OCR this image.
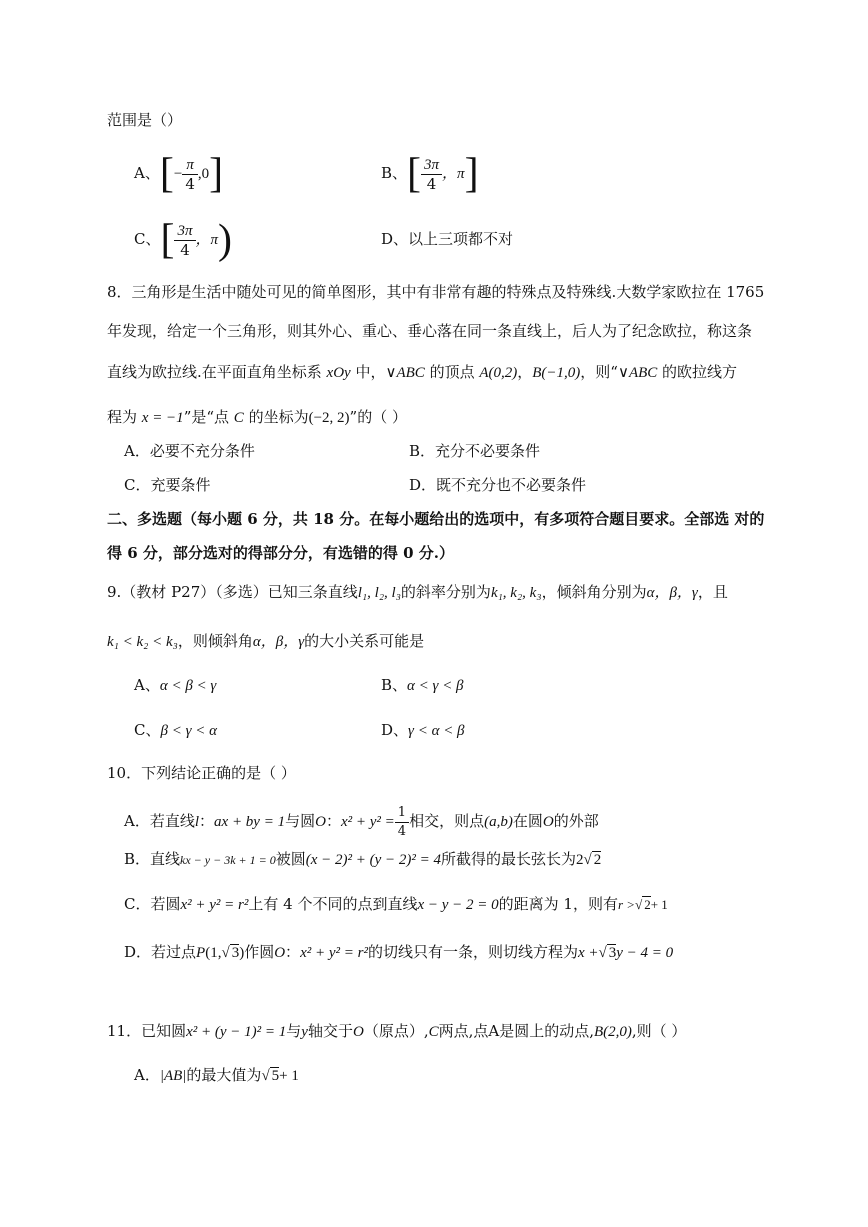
范围是（）
A、[− $\frac{\pi}{4} ,0$]	B、[ $\frac{3\pi}{4}$ ，π]
C、[ $\frac{3\pi}{4}$ ，π)	D、以上三项都不对
8．三角形是生活中随处可见的简单图形，其中有非常有趣的特殊点及特殊线.大数学家欧拉在 1765
年发现，给定一个三角形，则其外心、重心、垂心落在同一条直线上，后人为了纪念欧拉，称这条
直线为欧拉线.在平面直角坐标系 xOy 中，∨ABC 的顶点 A(0,2)，B(−1,0)，则“∨ABC 的欧拉线方
程为 x = −1”是“点 C 的坐标为(−2, 2)”的（ ）
A．必要不充分条件	B．充分不必要条件
C．充要条件	D．既不充分也不必要条件
二、多选题（每小题 6 分，共 18 分。在每小题给出的选项中，有多项符合题目要求。全部选 对的
得 6 分，部分选对的得部分分，有选错的得 0 分.）
9.（教材 P27）（多选）已知三条直线l₁, l₂, l₃的斜率分别为k₁, k₂, k₃，倾斜角分别为α，β，γ，且
k₁ < k₂ < k₃，则倾斜角α，β，γ的大小关系可能是
A、α < β < γ	B、α < γ < β
C、β < γ < α	D、γ < α < β
10．下列结论正确的是（ ）
A．若直线l：ax + by = 1与圆O：$x^2 + y^2 = \frac{1}{4}$ 相交，则点(a,b)在圆O的外部
B．直线kx − y − 3k + 1 = 0被圆(x − 2)² + (y − 2)² = 4所截得的最长弦长为2√ 2
C．若圆x² + y² = r²上有 4 个不同的点到直线x − y − 2 = 0的距离为 1，则有r >√ 2+ 1
D．若过点P(1,√ 3)作圆O：x² + y² = r²的切线只有一条，则切线方程为x +√ 3y − 4 = 0
11．已知圆x² + (y − 1)² = 1与y轴交于O（原点）,C两点,点A是圆上的动点,B(2,0),则（ ）
A．|AB|的最大值为√ 5+ 1
